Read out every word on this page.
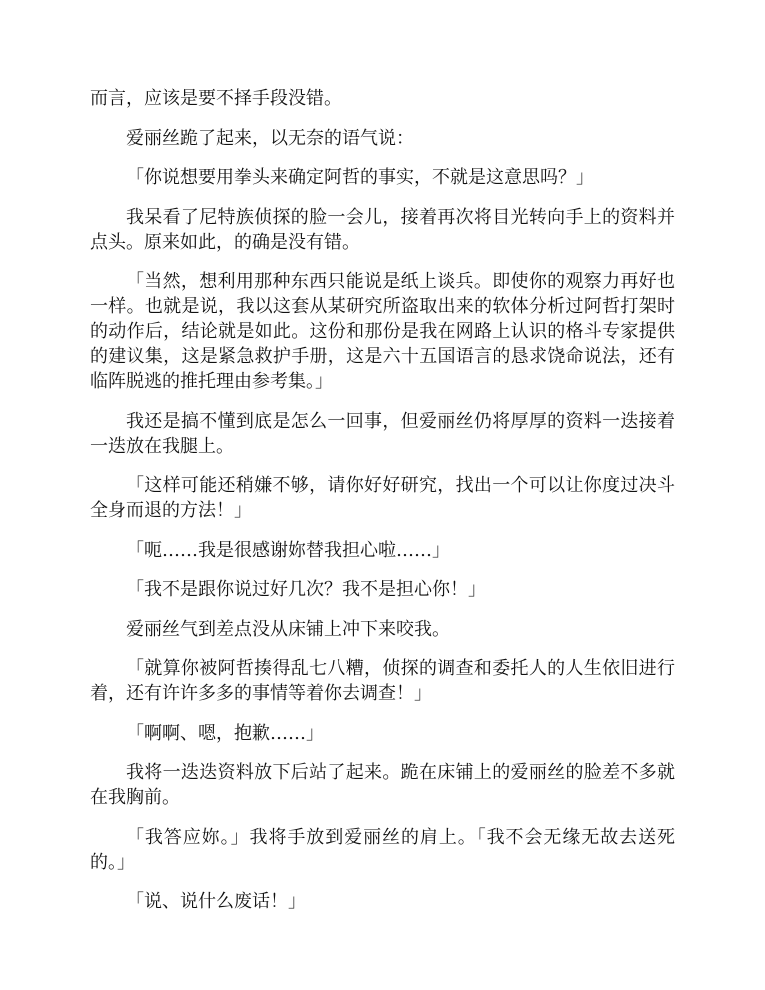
而言，应该是要不择手段没错。

爱丽丝跪了起来，以无奈的语气说：

「你说想要用拳头来确定阿哲的事实，不就是这意思吗？」

我呆看了尼特族侦探的脸一会儿，接着再次将目光转向手上的资料并点头。原来如此，的确是没有错。

「当然，想利用那种东西只能说是纸上谈兵。即使你的观察力再好也一样。也就是说，我以这套从某研究所盗取出来的软体分析过阿哲打架时的动作后，结论就是如此。这份和那份是我在网路上认识的格斗专家提供的建议集，这是紧急救护手册，这是六十五国语言的恳求饶命说法，还有临阵脱逃的推托理由参考集。」

我还是搞不懂到底是怎么一回事，但爱丽丝仍将厚厚的资料一迭接着一迭放在我腿上。

「这样可能还稍嫌不够，请你好好研究，找出一个可以让你度过决斗全身而退的方法！」

「呃……我是很感谢妳替我担心啦……」

「我不是跟你说过好几次？我不是担心你！」

爱丽丝气到差点没从床铺上冲下来咬我。

「就算你被阿哲揍得乱七八糟，侦探的调查和委托人的人生依旧进行着，还有许许多多的事情等着你去调查！」

「啊啊、嗯，抱歉……」

我将一迭迭资料放下后站了起来。跪在床铺上的爱丽丝的脸差不多就在我胸前。

「我答应妳。」我将手放到爱丽丝的肩上。「我不会无缘无故去送死的。」

「说、说什么废话！」
